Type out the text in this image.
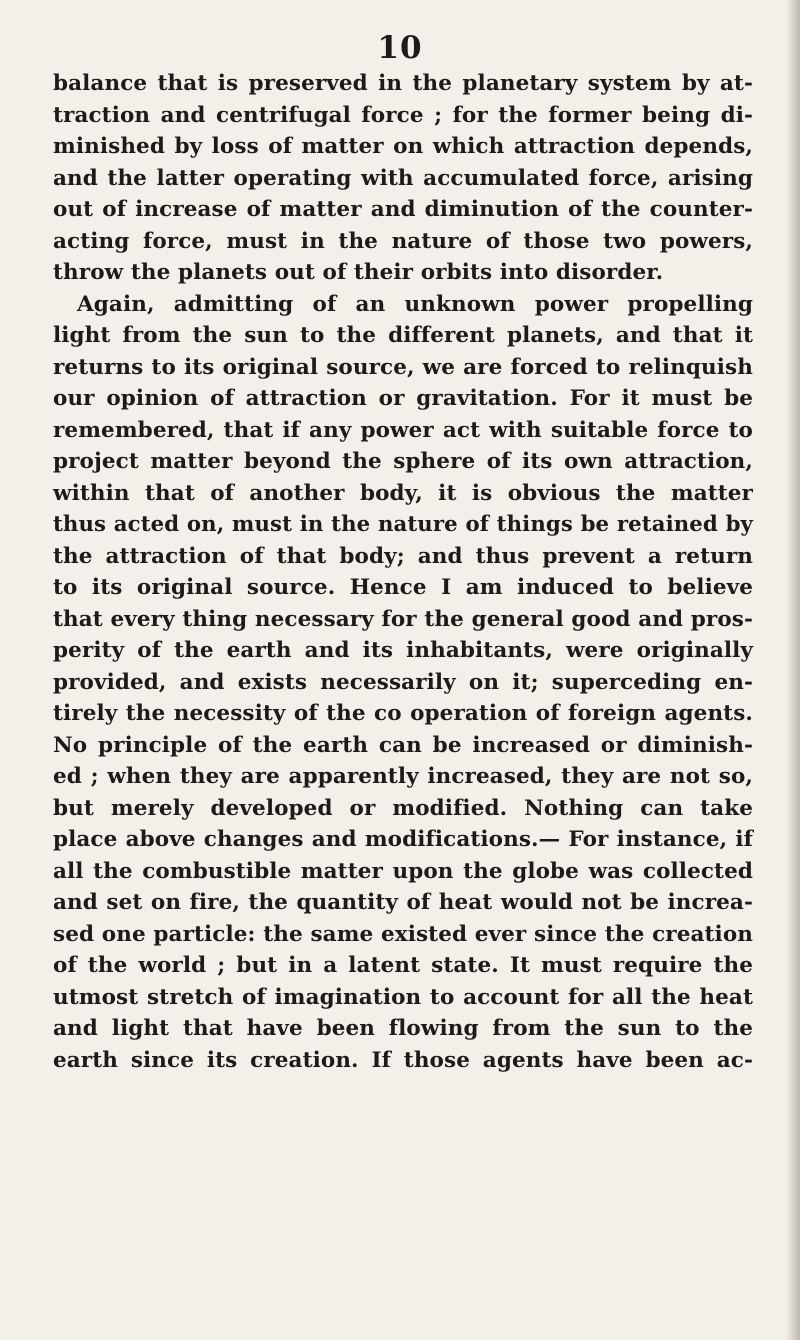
10
balance that is preserved in the planetary system by at-
traction and centrifugal force ; for the former being di-
minished by loss of matter on which attraction depends,
and the latter operating with accumulated force, arising
out of increase of matter and diminution of the counter-
acting force, must in the nature of those two powers,
throw the planets out of their orbits into disorder.
Again, admitting of an unknown power propelling
light from the sun to the different planets, and that it
returns to its original source, we are forced to relinquish
our opinion of attraction or gravitation. For it must be
remembered, that if any power act with suitable force to
project matter beyond the sphere of its own attraction,
within that of another body, it is obvious the matter
thus acted on, must in the nature of things be retained by
the attraction of that body; and thus prevent a return
to its original source. Hence I am induced to believe
that every thing necessary for the general good and pros-
perity of the earth and its inhabitants, were originally
provided, and exists necessarily on it; superceding en-
tirely the necessity of the co operation of foreign agents.
No principle of the earth can be increased or diminish-
ed ; when they are apparently increased, they are not so,
but merely developed or modified. Nothing can take
place above changes and modifications.— For instance, if
all the combustible matter upon the globe was collected
and set on fire, the quantity of heat would not be increa-
sed one particle: the same existed ever since the creation
of the world ; but in a latent state. It must require the
utmost stretch of imagination to account for all the heat
and light that have been flowing from the sun to the
earth since its creation. If those agents have been ac-
